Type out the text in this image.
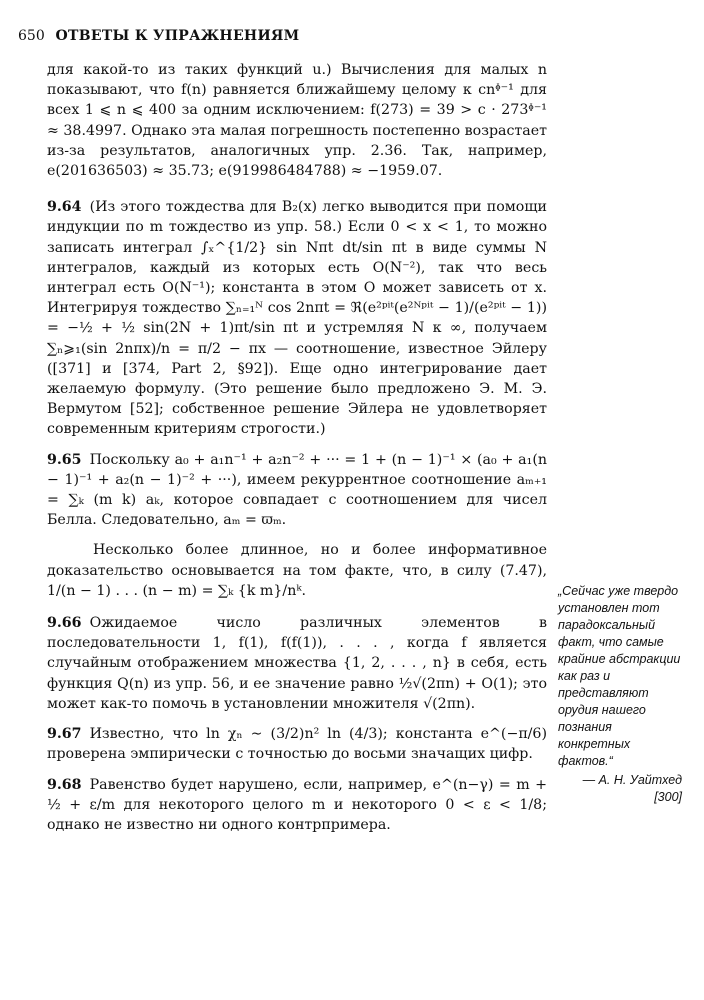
650 ОТВЕТЫ К УПРАЖНЕНИЯМ

для какой-то из таких функций u.) Вычисления для малых n показывают, что f(n) равняется ближайшему целому к cnᶲ⁻¹ для всех 1 ⩽ n ⩽ 400 за одним исключением: f(273) = 39 > c · 273ᶲ⁻¹ ≈ 38.4997. Однако эта малая погрешность постепенно возрастает из-за результатов, аналогичных упр. 2.36. Так, например, e(201636503) ≈ 35.73; e(919986484788) ≈ −1959.07.

9.64 (Из этого тождества для B₂(x) легко выводится при помощи индукции по m тождество из упр. 58.) Если 0 < x < 1, то можно записать интеграл ∫ₓ^{1/2} sin Nπt dt/sin πt в виде суммы N интегралов, каждый из которых есть O(N⁻²), так что весь интеграл есть O(N⁻¹); константа в этом O может зависеть от x. Интегрируя тождество ∑ₙ₌₁ᴺ cos 2nπt = ℜ(e²ᵖⁱᵗ(e²ᴺᵖⁱᵗ − 1)/(e²ᵖⁱᵗ − 1)) = −½ + ½ sin(2N + 1)πt/sin πt и устремляя N к ∞, получаем ∑ₙ⩾₁(sin 2nπx)/n = π/2 − πx — соотношение, известное Эйлеру ([371] и [374, Part 2, §92]). Еще одно интегрирование дает желаемую формулу. (Это решение было предложено Э. М. Э. Вермутом [52]; собственное решение Эйлера не удовлетворяет современным критериям строгости.)

9.65 Поскольку a₀ + a₁n⁻¹ + a₂n⁻² + ··· = 1 + (n − 1)⁻¹ × (a₀ + a₁(n − 1)⁻¹ + a₂(n − 1)⁻² + ···), имеем рекуррентное соотношение aₘ₊₁ = ∑ₖ (m k) aₖ, которое совпадает с соотношением для чисел Белла. Следовательно, aₘ = ϖₘ.

Несколько более длинное, но и более информативное доказательство основывается на том факте, что, в силу (7.47), 1/(n − 1) . . . (n − m) = ∑ₖ {k m}/nᵏ.

9.66 Ожидаемое число различных элементов в последовательности 1, f(1), f(f(1)), . . . , когда f является случайным отображением множества {1, 2, . . . , n} в себя, есть функция Q(n) из упр. 56, и ее значение равно ½√(2πn) + O(1); это может как-то помочь в установлении множителя √(2πn).

9.67 Известно, что ln χₙ ∼ (3/2)n² ln (4/3); константа e^(−π/6) проверена эмпирически с точностью до восьми значащих цифр.

9.68 Равенство будет нарушено, если, например, e^(n−γ) = m + ½ + ε/m для некоторого целого m и некоторого 0 < ε < 1/8; однако не известно ни одного контрпримера.

„Сейчас уже твердо установлен тот парадоксальный факт, что самые крайние абстракции как раз и представляют орудия нашего познания конкретных фактов.“
— А. Н. Уайтхед
[300]
